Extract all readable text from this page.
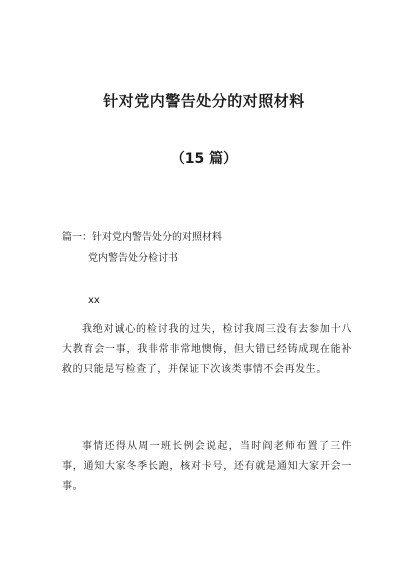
针对党内警告处分的对照材料
（15 篇）
篇一：针对党内警告处分的对照材料
党内警告处分检讨书
xx

我绝对诚心的检讨我的过失，检讨我周三没有去参加十八大教育会一事，我非常非常地懊悔，但大错已经铸成现在能补救的只能是写检查了，并保证下次该类事情不会再发生。

事情还得从周一班长例会说起，当时阎老师布置了三件事，通知大家冬季长跑，核对卡号，还有就是通知大家开会一事。
